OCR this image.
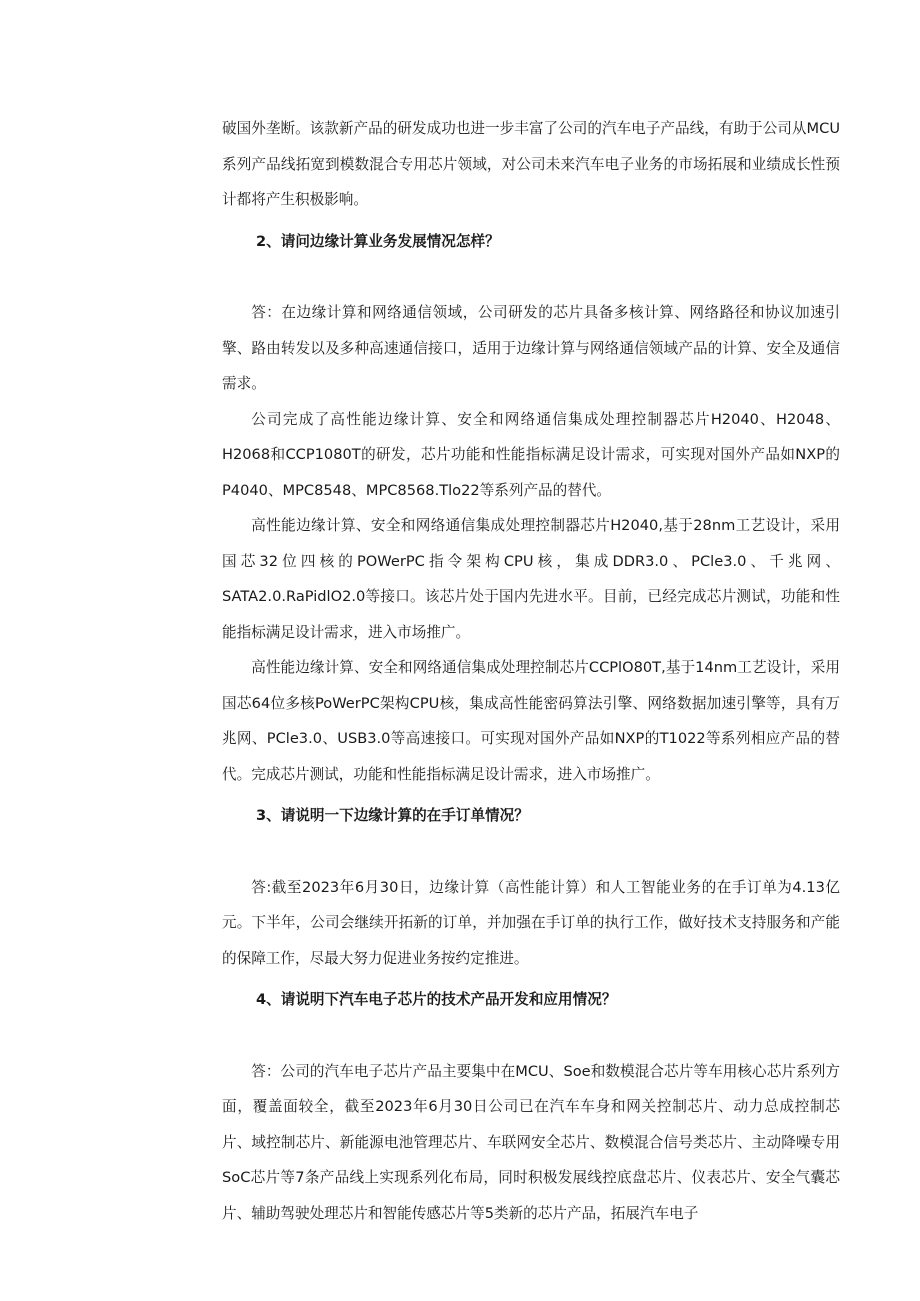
破国外垄断。该款新产品的研发成功也进一步丰富了公司的汽车电子产品线，有助于公司从MCU系列产品线拓宽到模数混合专用芯片领域，对公司未来汽车电子业务的市场拓展和业绩成长性预计都将产生积极影响。

2、请问边缘计算业务发展情况怎样？

答：在边缘计算和网络通信领域，公司研发的芯片具备多核计算、网络路径和协议加速引擎、路由转发以及多种高速通信接口，适用于边缘计算与网络通信领域产品的计算、安全及通信需求。

公司完成了高性能边缘计算、安全和网络通信集成处理控制器芯片H2040、H2048、H2068和CCP1080T的研发，芯片功能和性能指标满足设计需求，可实现对国外产品如NXP的P4040、MPC8548、MPC8568.Tlo22等系列产品的替代。

高性能边缘计算、安全和网络通信集成处理控制器芯片H2040,基于28nm工艺设计，采用国芯32位四核的POWerPC指令架构CPU核，集成DDR3.0、PCle3.0、千兆网、SATA2.0.RaPidlO2.0等接口。该芯片处于国内先进水平。目前，已经完成芯片测试，功能和性能指标满足设计需求，进入市场推广。

高性能边缘计算、安全和网络通信集成处理控制芯片CCPlO80T,基于14nm工艺设计，采用国芯64位多核PoWerPC架构CPU核，集成高性能密码算法引擎、网络数据加速引擎等，具有万兆网、PCle3.0、USB3.0等高速接口。可实现对国外产品如NXP的T1022等系列相应产品的替代。完成芯片测试，功能和性能指标满足设计需求，进入市场推广。

3、请说明一下边缘计算的在手订单情况？

答:截至2023年6月30日，边缘计算（高性能计算）和人工智能业务的在手订单为4.13亿元。下半年，公司会继续开拓新的订单，并加强在手订单的执行工作，做好技术支持服务和产能的保障工作，尽最大努力促进业务按约定推进。

4、请说明下汽车电子芯片的技术产品开发和应用情况？

答：公司的汽车电子芯片产品主要集中在MCU、Soe和数模混合芯片等车用核心芯片系列方面，覆盖面较全，截至2023年6月30日公司已在汽车车身和网关控制芯片、动力总成控制芯片、域控制芯片、新能源电池管理芯片、车联网安全芯片、数模混合信号类芯片、主动降噪专用SoC芯片等7条产品线上实现系列化布局，同时积极发展线控底盘芯片、仪表芯片、安全气囊芯片、辅助驾驶处理芯片和智能传感芯片等5类新的芯片产品，拓展汽车电子
